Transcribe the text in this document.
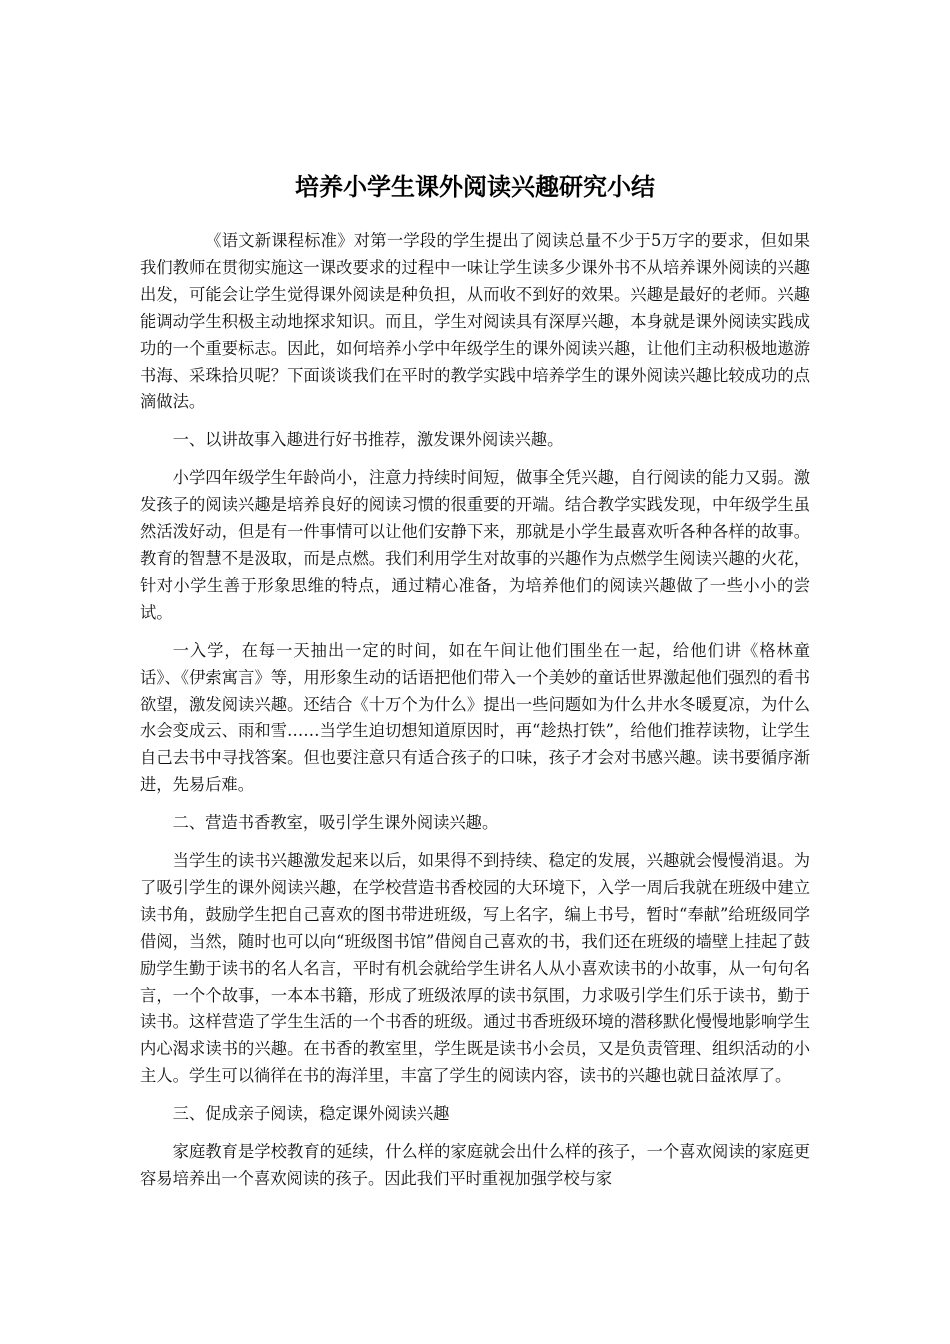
培养小学生课外阅读兴趣研究小结

《语文新课程标准》对第一学段的学生提出了阅读总量不少于5万字的要求，但如果我们教师在贯彻实施这一课改要求的过程中一味让学生读多少课外书不从培养课外阅读的兴趣出发，可能会让学生觉得课外阅读是种负担，从而收不到好的效果。兴趣是最好的老师。兴趣能调动学生积极主动地探求知识。而且，学生对阅读具有深厚兴趣，本身就是课外阅读实践成功的一个重要标志。因此，如何培养小学中年级学生的课外阅读兴趣，让他们主动积极地遨游书海、采珠拾贝呢？下面谈谈我们在平时的教学实践中培养学生的课外阅读兴趣比较成功的点滴做法。

一、以讲故事入趣进行好书推荐，激发课外阅读兴趣。

小学四年级学生年龄尚小，注意力持续时间短，做事全凭兴趣，自行阅读的能力又弱。激发孩子的阅读兴趣是培养良好的阅读习惯的很重要的开端。结合教学实践发现，中年级学生虽然活泼好动，但是有一件事情可以让他们安静下来，那就是小学生最喜欢听各种各样的故事。教育的智慧不是汲取，而是点燃。我们利用学生对故事的兴趣作为点燃学生阅读兴趣的火花，针对小学生善于形象思维的特点，通过精心准备，为培养他们的阅读兴趣做了一些小小的尝试。

一入学，在每一天抽出一定的时间，如在午间让他们围坐在一起，给他们讲《格林童话》、《伊索寓言》等，用形象生动的话语把他们带入一个美妙的童话世界激起他们强烈的看书欲望，激发阅读兴趣。还结合《十万个为什么》提出一些问题如为什么井水冬暖夏凉，为什么水会变成云、雨和雪……当学生迫切想知道原因时，再“趁热打铁”，给他们推荐读物，让学生自己去书中寻找答案。但也要注意只有适合孩子的口味，孩子才会对书感兴趣。读书要循序渐进，先易后难。

二、营造书香教室，吸引学生课外阅读兴趣。

当学生的读书兴趣激发起来以后，如果得不到持续、稳定的发展，兴趣就会慢慢消退。为了吸引学生的课外阅读兴趣，在学校营造书香校园的大环境下，入学一周后我就在班级中建立读书角，鼓励学生把自己喜欢的图书带进班级，写上名字，编上书号，暂时“奉献”给班级同学借阅，当然，随时也可以向“班级图书馆”借阅自己喜欢的书，我们还在班级的墙壁上挂起了鼓励学生勤于读书的名人名言，平时有机会就给学生讲名人从小喜欢读书的小故事，从一句句名言，一个个故事，一本本书籍，形成了班级浓厚的读书氛围，力求吸引学生们乐于读书，勤于读书。这样营造了学生生活的一个书香的班级。通过书香班级环境的潜移默化慢慢地影响学生内心渴求读书的兴趣。在书香的教室里，学生既是读书小会员，又是负责管理、组织活动的小主人。学生可以徜徉在书的海洋里，丰富了学生的阅读内容，读书的兴趣也就日益浓厚了。

三、促成亲子阅读，稳定课外阅读兴趣

家庭教育是学校教育的延续，什么样的家庭就会出什么样的孩子，一个喜欢阅读的家庭更容易培养出一个喜欢阅读的孩子。因此我们平时重视加强学校与家
